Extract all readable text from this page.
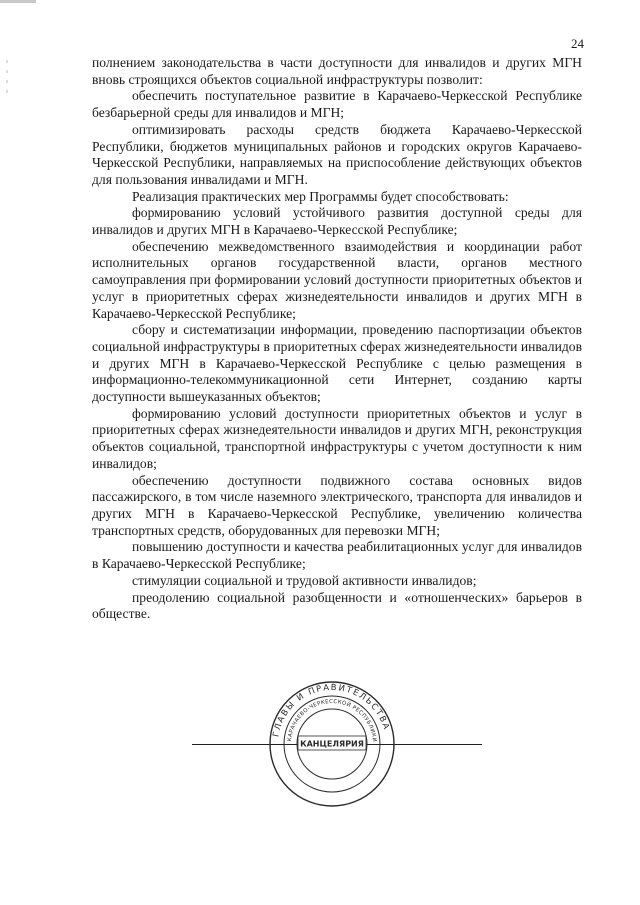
24

полнением законодательства в части доступности для инвалидов и других МГН вновь строящихся объектов социальной инфраструктуры позволит:

обеспечить поступательное развитие в Карачаево-Черкесской Республике безбарьерной среды для инвалидов и МГН;

оптимизировать расходы средств бюджета Карачаево-Черкесской Республики, бюджетов муниципальных районов и городских округов Карачаево-Черкесской Республики, направляемых на приспособление действующих объектов для пользования инвалидами и МГН.

Реализация практических мер Программы будет способствовать:

формированию условий устойчивого развития доступной среды для инвалидов и других МГН в Карачаево-Черкесской Республике;

обеспечению межведомственного взаимодействия и координации работ исполнительных органов государственной власти, органов местного самоуправления при формировании условий доступности приоритетных объектов и услуг в приоритетных сферах жизнедеятельности инвалидов и других МГН в Карачаево-Черкесской Республике;

сбору и систематизации информации, проведению паспортизации объектов социальной инфраструктуры в приоритетных сферах жизнедеятельности инвалидов и других МГН в Карачаево-Черкесской Республике с целью размещения в информационно-телекоммуникационной сети Интернет, созданию карты доступности вышеуказанных объектов;

формированию условий доступности приоритетных объектов и услуг в приоритетных сферах жизнедеятельности инвалидов и других МГН, реконструкция объектов социальной, транспортной инфраструктуры с учетом доступности к ним инвалидов;

обеспечению доступности подвижного состава основных видов пассажирского, в том числе наземного электрического, транспорта для инвалидов и других МГН в Карачаево-Черкесской Республике, увеличению количества транспортных средств, оборудованных для перевозки МГН;

повышению доступности и качества реабилитационных услуг для инвалидов в Карачаево-Черкесской Республике;

стимуляции социальной и трудовой активности инвалидов;

преодолению социальной разобщенности и «отношенческих» барьеров в обществе.

ГЛАВЫ И ПРАВИТЕЛЬСТВА
КАРАЧАЕВО-ЧЕРКЕССКОЙ РЕСПУБЛИКИ
КАНЦЕЛЯРИЯ
